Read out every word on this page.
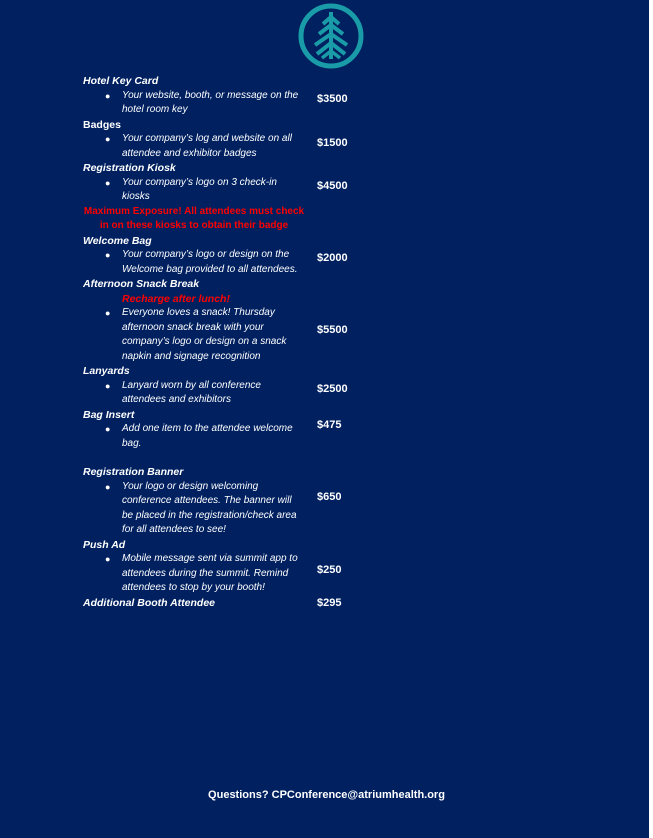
Hotel Key Card
$3500
● Your website, booth, or message on the hotel room key
Badges
$1500
● Your company’s log and website on all attendee and exhibitor badges
Registration Kiosk
$4500
● Your company’s logo on 3 check-in kiosks
Maximum Exposure! All attendees must check in on these kiosks to obtain their badge
Welcome Bag
$2000
● Your company’s logo or design on the Welcome bag provided to all attendees.
Afternoon Snack Break
Recharge after lunch!
$5500
● Everyone loves a snack! Thursday afternoon snack break with your company’s logo or design on a snack napkin and signage recognition
Lanyards
$2500
● Lanyard worn by all conference attendees and exhibitors
Bag Insert
$475
● Add one item to the attendee welcome bag.
Registration Banner
$650
● Your logo or design welcoming conference attendees. The banner will be placed in the registration/check area for all attendees to see!
Push Ad
$250
● Mobile message sent via summit app to attendees during the summit. Remind attendees to stop by your booth!
Additional Booth Attendee	$295
Questions? CPConference@atriumhealth.org
